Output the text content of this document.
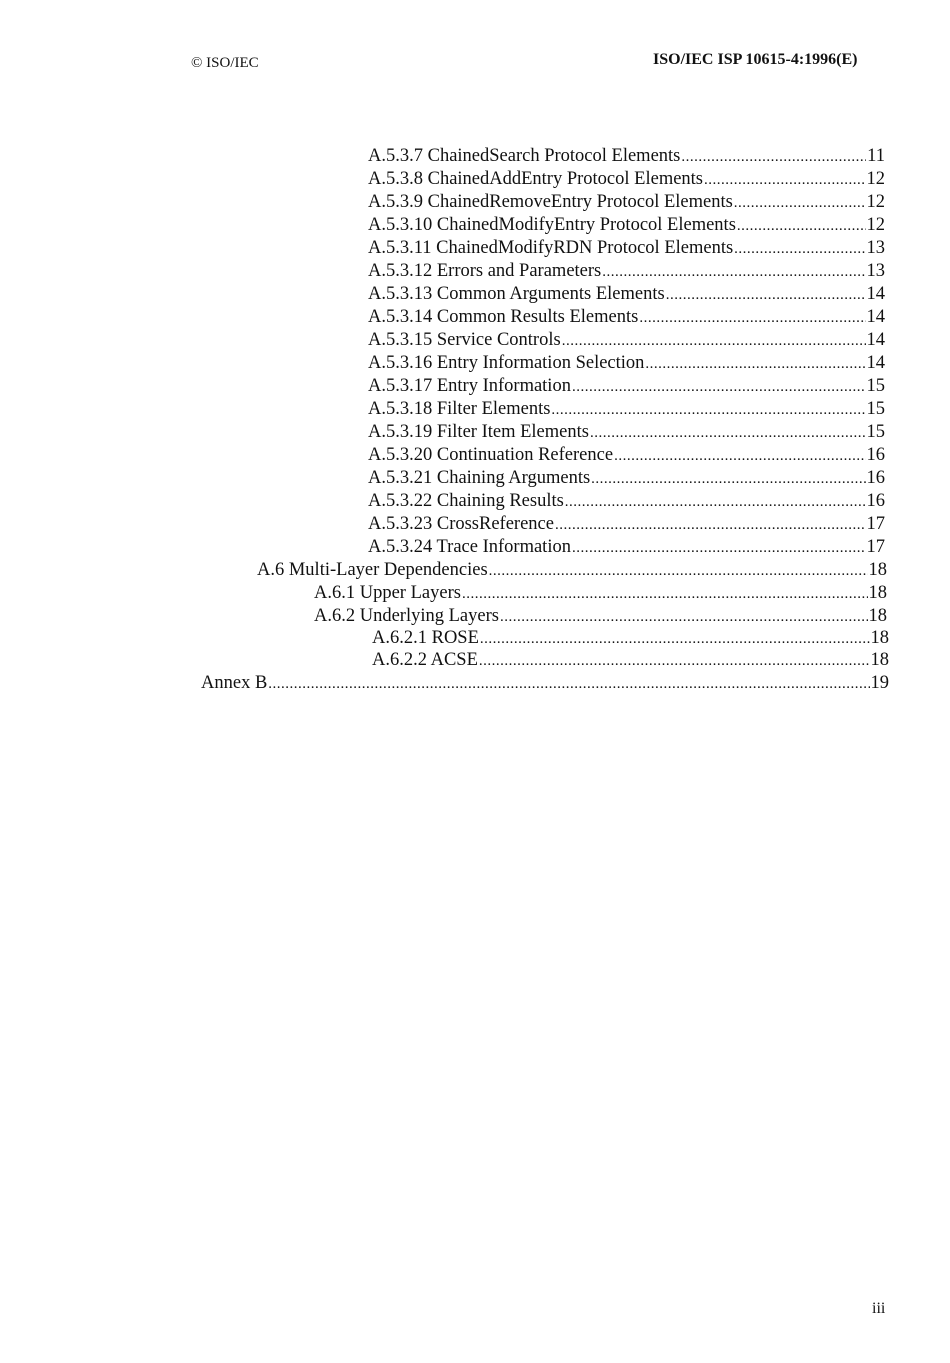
© ISO/IEC	ISO/IEC ISP 10615-4:1996(E)
A.5.3.7 ChainedSearch Protocol Elements .....	11
A.5.3.8 ChainedAddEntry Protocol Elements .....	12
A.5.3.9 ChainedRemoveEntry Protocol Elements .....	12
A.5.3.10 ChainedModifyEntry Protocol Elements .....	12
A.5.3.11 ChainedModifyRDN Protocol Elements .....	13
A.5.3.12 Errors and Parameters .....	13
A.5.3.13 Common Arguments Elements .....	14
A.5.3.14 Common Results Elements .....	14
A.5.3.15 Service Controls .....	14
A.5.3.16 Entry Information Selection .....	14
A.5.3.17 Entry Information .....	15
A.5.3.18 Filter Elements .....	15
A.5.3.19 Filter Item Elements .....	15
A.5.3.20 Continuation Reference .....	16
A.5.3.21 Chaining Arguments .....	16
A.5.3.22 Chaining Results .....	16
A.5.3.23 CrossReference .....	17
A.5.3.24 Trace Information .....	17
A.6 Multi-Layer Dependencies .....	18
A.6.1 Upper Layers .....	18
A.6.2 Underlying Layers .....	18
A.6.2.1 ROSE .....	18
A.6.2.2 ACSE .....	18
Annex B .....	19
iii
